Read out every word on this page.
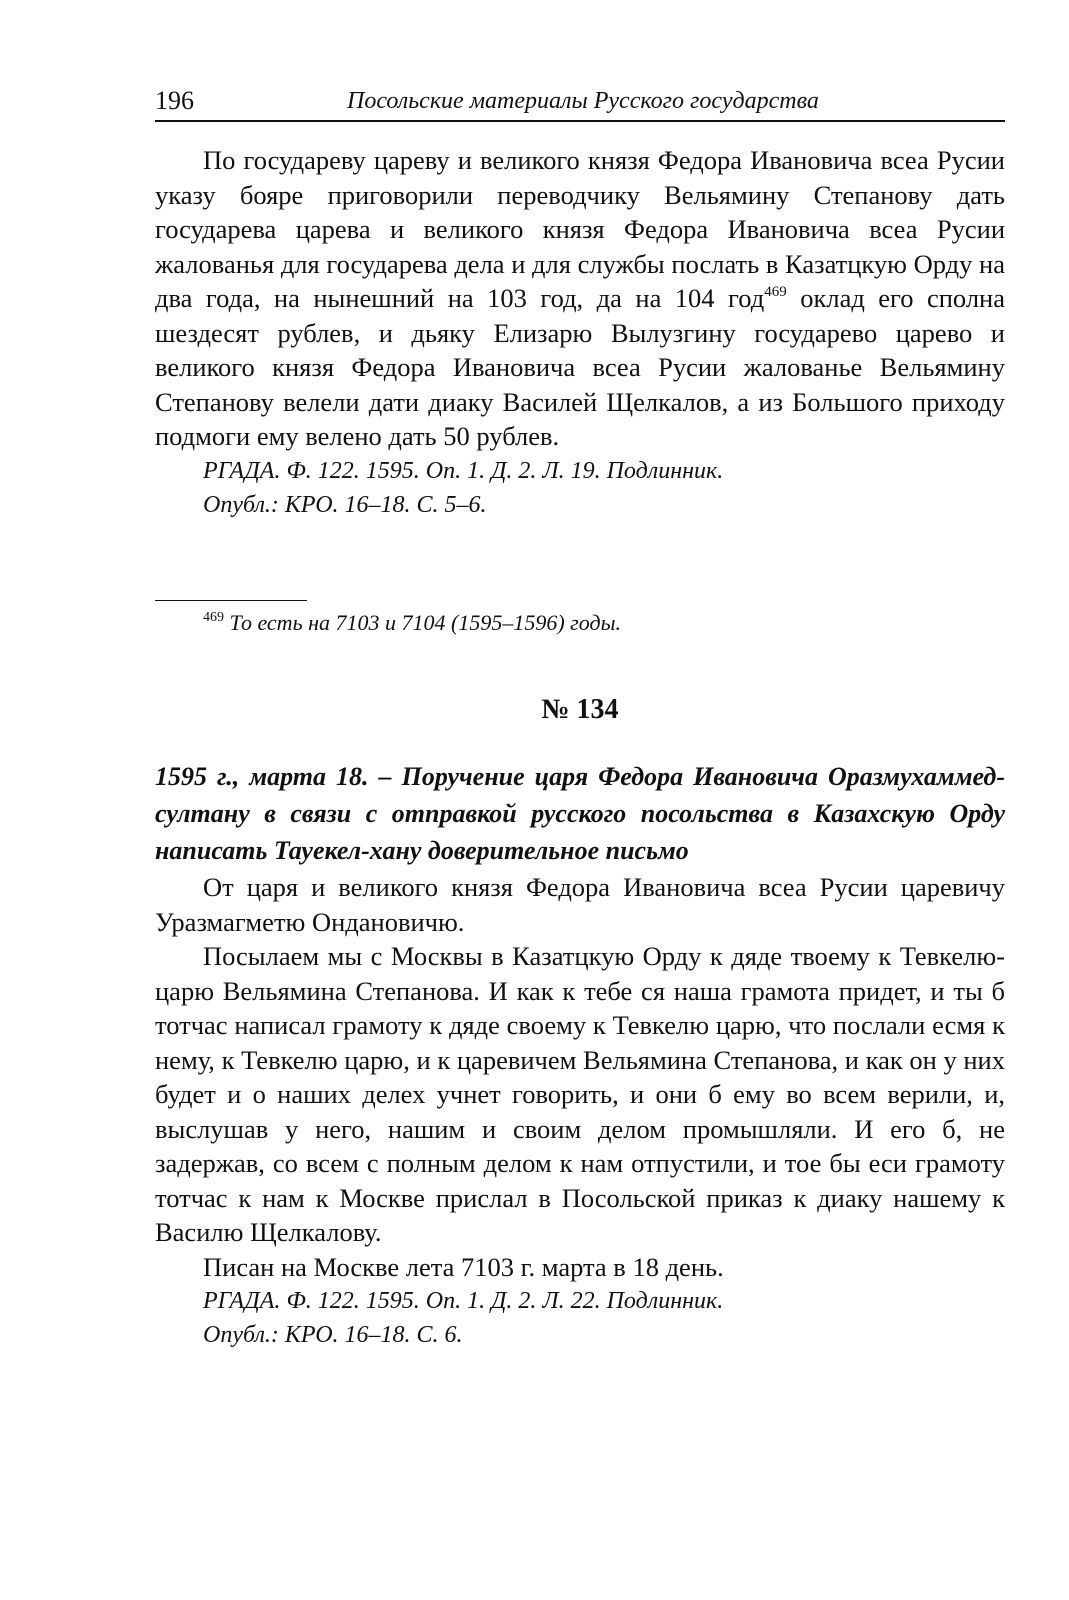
196	Посольские материалы Русского государства

По государеву цареву и великого князя Федора Ивановича всеа Русии указу бояре приговорили переводчику Вельямину Степанову дать государева царева и великого князя Федора Ивановича всеа Русии жалованья для государева дела и для службы послать в Казатцкую Орду на два года, на нынешний на 103 год, да на 104 год$^{469}$ оклад его сполна шездесят рублев, и дьяку Елизарю Вылузгину государево царево и великого князя Федора Ивановича всеа Русии жалованье Вельямину Степанову велели дати диаку Василей Щелкалов, а из Большого приходу подмоги ему велено дать 50 рублев.

РГАДА. Ф. 122. 1595. Оп. 1. Д. 2. Л. 19. Подлинник.
Опубл.: КРО. 16–18. С. 5–6.
$^{469}$ То есть на 7103 и 7104 (1595–1596) годы.
№ 134
1595 г., марта 18. – Поручение царя Федора Ивановича Оразмухаммед-султану в связи с отправкой русского посольства в Казахскую Орду написать Тауекел-хану доверительное письмо

От царя и великого князя Федора Ивановича всеа Русии царевичу Уразмагметю Ондановичю.

Посылаем мы с Москвы в Казатцкую Орду к дяде твоему к Тевкелю-царю Вельямина Степанова. И как к тебе ся наша грамота придет, и ты б тотчас написал грамоту к дяде своему к Тевкелю царю, что послали есмя к нему, к Тевкелю царю, и к царевичем Вельямина Степанова, и как он у них будет и о наших делех учнет говорить, и они б ему во всем верили, и, выслушав у него, нашим и своим делом промышляли. И его б, не задержав, со всем с полным делом к нам отпустили, и тое бы еси грамоту тотчас к нам к Москве прислал в Посольской приказ к диаку нашему к Василю Щелкалову.

Писан на Москве лета 7103 г. марта в 18 день.

РГАДА. Ф. 122. 1595. Оп. 1. Д. 2. Л. 22. Подлинник.
Опубл.: КРО. 16–18. С. 6.
